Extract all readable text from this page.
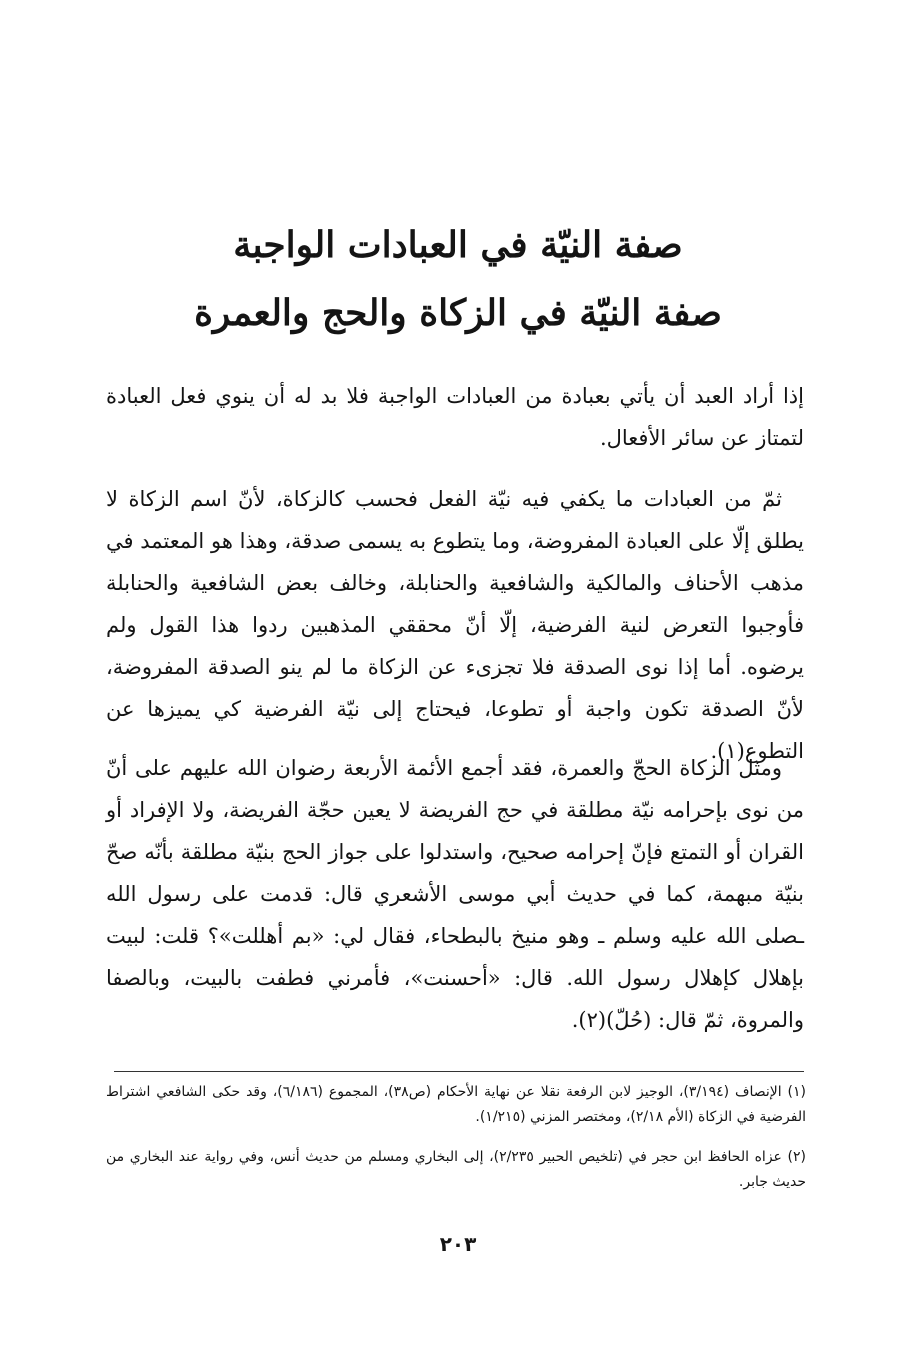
صفة النيّة في العبادات الواجبة
صفة النيّة في الزكاة والحج والعمرة

إذا أراد العبد أن يأتي بعبادة من العبادات الواجبة فلا بد له أن ينوي فعل العبادة لتمتاز عن سائر الأفعال.

ثمّ من العبادات ما يكفي فيه نيّة الفعل فحسب كالزكاة، لأنّ اسم الزكاة لا يطلق إلّا على العبادة المفروضة، وما يتطوع به يسمى صدقة، وهذا هو المعتمد في مذهب الأحناف والمالكية والشافعية والحنابلة، وخالف بعض الشافعية والحنابلة فأوجبوا التعرض لنية الفرضية، إلّا أنّ محققي المذهبين ردوا هذا القول ولم يرضوه. أما إذا نوى الصدقة فلا تجزىء عن الزكاة ما لم ينو الصدقة المفروضة، لأنّ الصدقة تكون واجبة أو تطوعا، فيحتاج إلى نيّة الفرضية كي يميزها عن التطوع(١).

ومثل الزكاة الحجّ والعمرة، فقد أجمع الأئمة الأربعة رضوان الله عليهم على أنّ من نوى بإحرامه نيّة مطلقة في حج الفريضة لا يعين حجّة الفريضة، ولا الإفراد أو القران أو التمتع فإنّ إحرامه صحيح، واستدلوا على جواز الحج بنيّة مطلقة بأنّه صحّ بنيّة مبهمة، كما في حديث أبي موسى الأشعري قال: قدمت على رسول الله ـصلى الله عليه وسلم ـ وهو منيخ بالبطحاء، فقال لي: «بم أهللت»؟ قلت: لبيت بإهلال كإهلال رسول الله. قال: «أحسنت»، فأمرني فطفت بالبيت، وبالصفا والمروة، ثمّ قال: (حُلّ)(٢).

(١) الإنصاف (٣/١٩٤)، الوجيز لابن الرفعة نقلا عن نهاية الأحكام (ص٣٨)، المجموع (٦/١٨٦)، وقد حكى الشافعي اشتراط الفرضية في الزكاة (الأم ٢/١٨)، ومختصر المزني (١/٢١٥).

(٢) عزاه الحافظ ابن حجر في (تلخيص الحبير ٢/٢٣٥)، إلى البخاري ومسلم من حديث أنس، وفي رواية عند البخاري من حديث جابر.

٢٠٣
